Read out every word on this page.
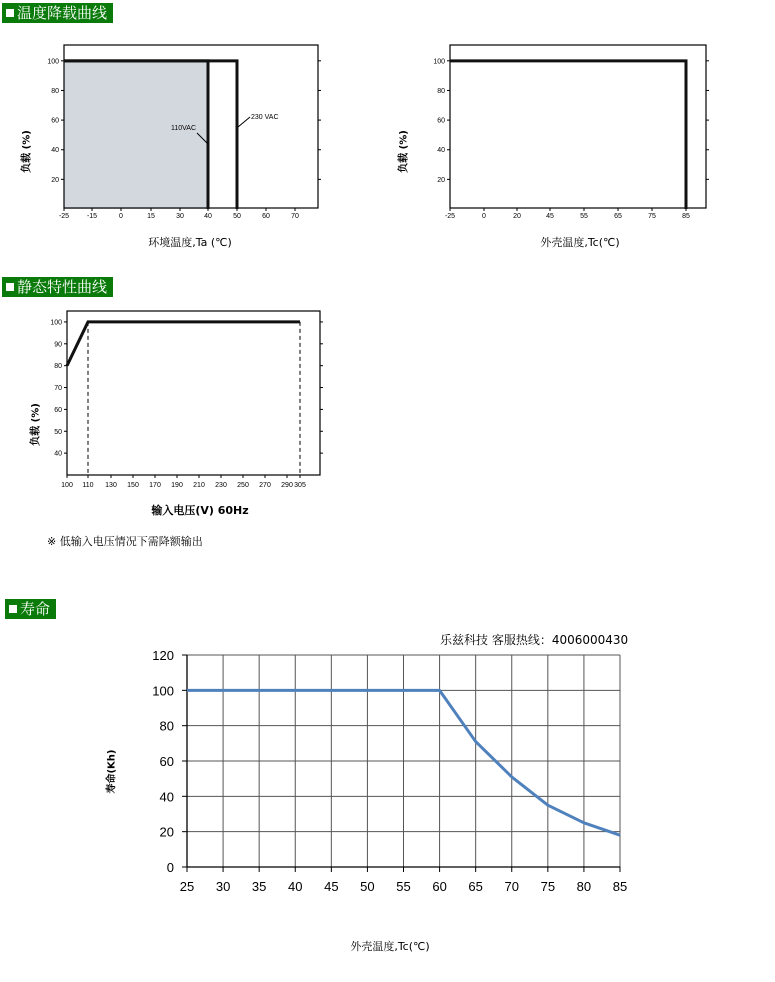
温度降载曲线
静态特性曲线
寿命
※ 低输入电压情况下需降额输出
乐兹科技 客服热线：4006000430
环境温度,Ta (℃)	外壳温度,Tc(℃)
输入电压(V) 60Hz
外壳温度,Tc(℃)
负载 (%)	负载 (%)
负载 (%)
寿命(Kh)
-25	-15	0	15	30	40	50	60	70
20
40
60
80
100
110VAC
230 VAC
-25	0	20	45	55	65	75	85
20
40
60
80
100
100 110 130 150 170 190 210 230 250 270 290 305
40
50
60
70
80
90
100
25 30 35 40 45 50 55 60 65 70 75 80 85
0
20
40
60
80
100
120
